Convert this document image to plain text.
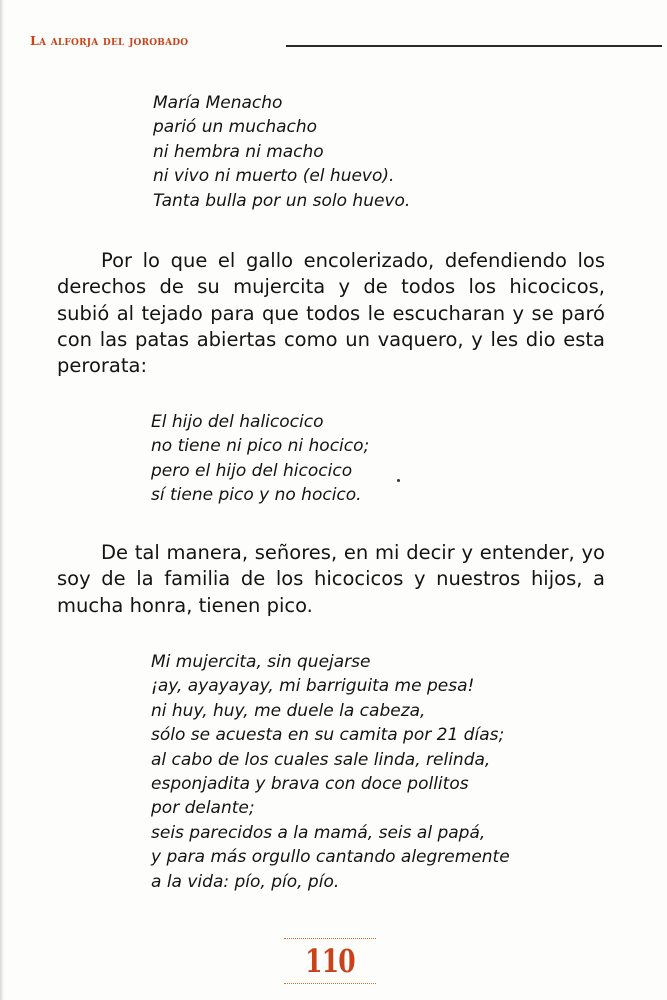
La alforja del jorobado
María Menacho
parió un muchacho
ni hembra ni macho
ni vivo ni muerto (el huevo).
Tanta bulla por un solo huevo.

Por lo que el gallo encolerizado, defendiendo los derechos de su mujercita y de todos los hicocicos, subió al tejado para que todos le escucharan y se paró con las patas abiertas como un vaquero, y les dio esta perorata:

El hijo del halicocico
no tiene ni pico ni hocico;
pero el hijo del hicocico
sí tiene pico y no hocico.

De tal manera, señores, en mi decir y entender, yo soy de la familia de los hicocicos y nuestros hijos, a mucha honra, tienen pico.

Mi mujercita, sin quejarse
¡ay, ayayayay, mi barriguita me pesa!
ni huy, huy, me duele la cabeza,
sólo se acuesta en su camita por 21 días;
al cabo de los cuales sale linda, relinda,
esponjadita y brava con doce pollitos
por delante;
seis parecidos a la mamá, seis al papá,
y para más orgullo cantando alegremente
a la vida: pío, pío, pío.
110
